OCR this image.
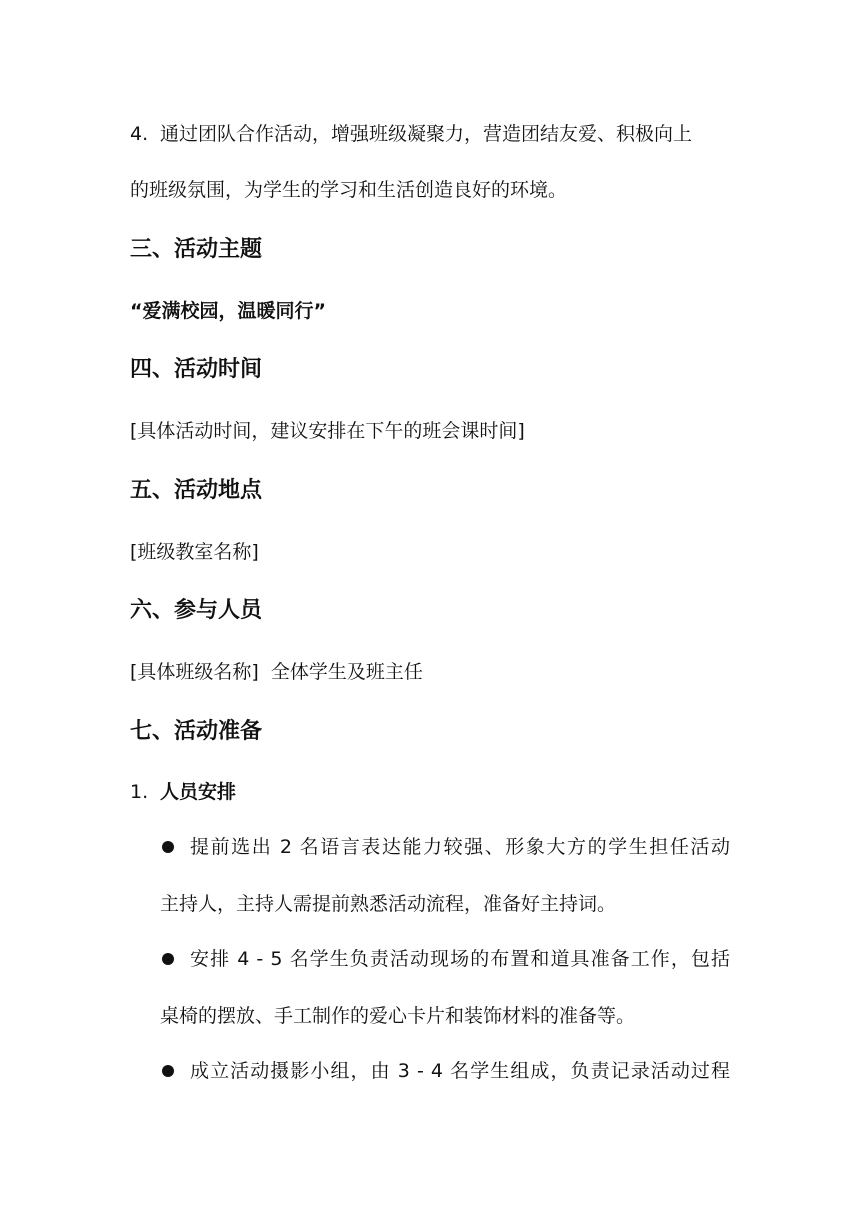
4. 通过团队合作活动，增强班级凝聚力，营造团结友爱、积极向上
的班级氛围，为学生的学习和生活创造良好的环境。
三、活动主题
“爱满校园，温暖同行”
四、活动时间
[具体活动时间，建议安排在下午的班会课时间]
五、活动地点
[班级教室名称]
六、参与人员
[具体班级名称]  全体学生及班主任
七、活动准备
1. 人员安排
提前选出 2 名语言表达能力较强、形象大方的学生担任活动
主持人，主持人需提前熟悉活动流程，准备好主持词。
安排 4 - 5 名学生负责活动现场的布置和道具准备工作，包括
桌椅的摆放、手工制作的爱心卡片和装饰材料的准备等。
成立活动摄影小组，由 3 - 4 名学生组成，负责记录活动过程
